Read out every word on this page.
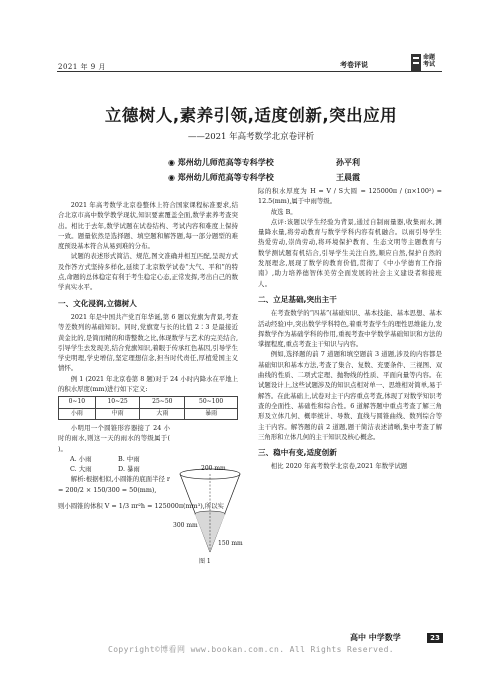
2021 年 9 月	考卷评说
命题
考试
立德树人,素养引领,适度创新,突出应用
——2021 年高考数学北京卷评析
◉ 郑州幼儿师范高等专科学校	孙平利
◉ 郑州幼儿师范高等专科学校	王晨霞

2021 年高考数学北京卷整体上符合国家课程标准要求,结合北京市高中数学教学现状,知识要素覆盖全面,数学素养考查突出。相比于去年,数学试题在试卷结构、考试内容和难度上保持一致。题量依然是选择题、填空题和解答题,每一部分题型的难度预设基本符合从易到难的分布。

试题的表述形式简洁、规范,图文准确并相互匹配,呈现方式及作答方式坚持多样化,延续了北京数学试卷“大气、平和”的特点,命题的总体稳定有利于考生稳定心态,正常发挥,考出自己的数学真实水平。

一、文化浸润,立德树人

2021 年是中国共产党百年华诞,第 6 题以党旗为背景,考查等差数列的基础知识。同时,党旗宽与长的比值 2∶3 是最接近黄金比的,是简而精的和谐整数之比,体现数学与艺术的完美结合,引导学生去发现美,结合党旗知识,着眼于传承红色基因,引导学生学史明理,学史增信,坚定理想信念,担当时代责任,厚植爱国主义情怀。

例 1 (2021 年北京卷第 8 题)对于 24 小时内降水在平地上的积水厚度(mm)进行如下定义:

0~10	10~25	25~50	50~100
小雨	中雨	大雨	暴雨

小明用一个圆锥形容器接了 24 小时的雨水,则这一天的雨水的等级属于( )。

A. 小雨	B. 中雨
C. 大雨	D. 暴雨

解析:根据相似,小圆锥的底面半径 r = 200/2 × 150/300 = 50(mm),

则小圆锥的体积 V = 1/3 πr²h = 125000π(mm³),所以实

200 mm
300 mm
150 mm
图 1

际的积水厚度为 H = V / S大圆 = 125000π / (π×100²) = 12.5(mm),属于中雨等级。

故选 B。

点评:该题以学生经验为背景,通过自制雨量器,收集雨水,测量降水量,将劳动教育与数学学科内容有机融合。以雨引导学生热爱劳动,崇尚劳动,将环境保护教育、生态文明等主题教育与数学测试题有机结合,引导学生关注自然,顺应自然,保护自然的发展理念,展现了数学的教育价值,贯彻了《中小学德育工作指南》,助力培养德智体美劳全面发展的社会主义建设者和接班人。

二、立足基础,突出主干

在考查数学的“四基”(基础知识、基本技能、基本思想、基本活动经验)中,突出数学学科特色,着重考查学生的理性思维能力,发挥数学作为基础学科的作用,重视考查中学数学基础知识和方法的掌握程度,重点考查主干知识与内容。

例如,选择题的前 7 道题和填空题前 3 道题,涉及的内容都是基础知识和基本方法,考查了集合、复数、充要条件、三视图、双曲线的性质、二项式定理、抛物线的性质、平面向量等内容。在试题设计上,这些试题涉及的知识点相对单一、思维相对简单,易于解答。在此基础上,试卷对主干内容重点考查,体现了对数学知识考查的全面性、基础性和综合性。6 道解答题中重点考查了解三角形及立体几何、概率统计、导数、直线与圆锥曲线、数列综合等主干内容。解答题的前 2 道题,题干简洁表述清晰,集中考查了解三角形和立体几何的主干知识及核心概念。

三、稳中有变,适度创新

相比 2020 年高考数学北京卷,2021 年数学试题

高中 中学数学	23
Copyright©博看网 www.bookan.com.cn. All Rights Reserved.
